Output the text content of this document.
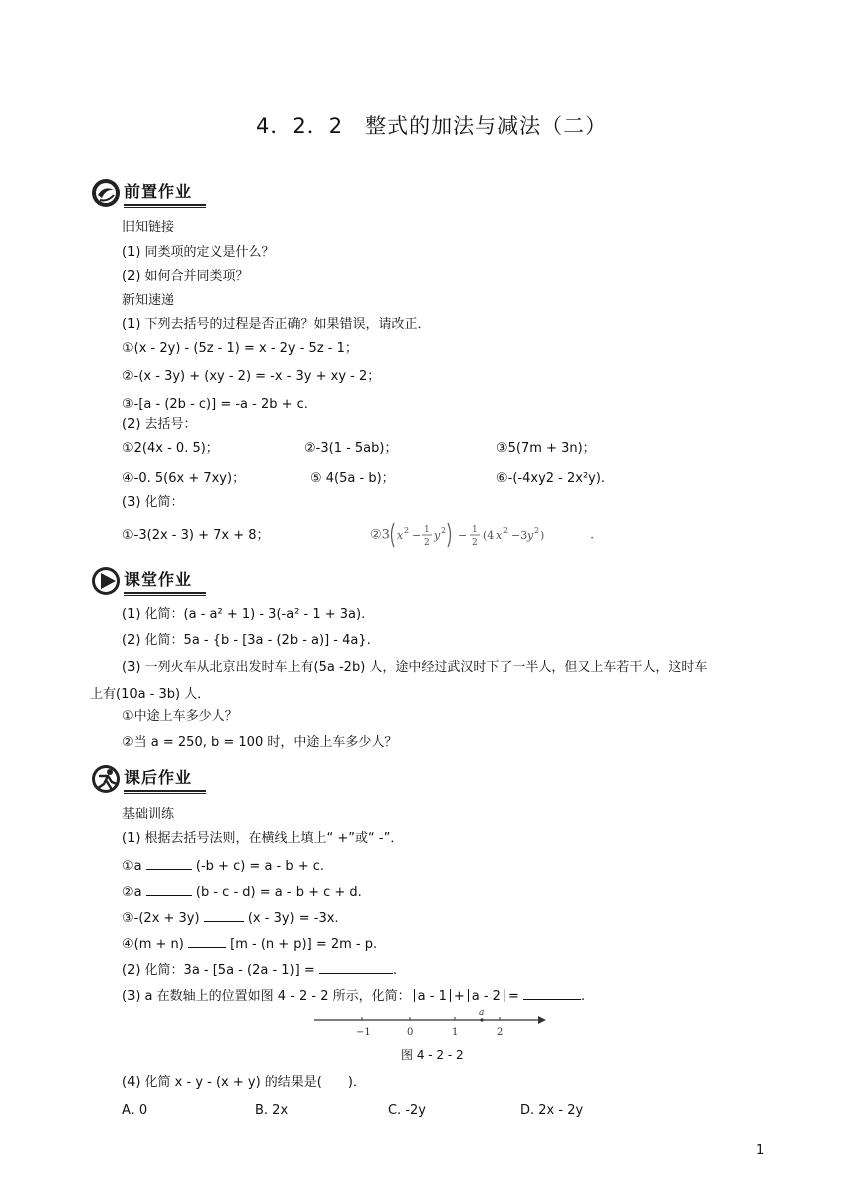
4．2．2　整式的加法与减法（二）
前置作业
旧知链接
(1) 同类项的定义是什么？
(2) 如何合并同类项？
新知速递
(1) 下列去括号的过程是否正确？如果错误，请改正．
①(x - 2y) - (5z - 1) = x - 2y - 5z - 1；
②-(x - 3y) + (xy - 2) = -x - 3y + xy - 2；
③-[a - (2b - c)] = -a - 2b + c.
(2) 去括号：
①2(4x - 0. 5)；	②-3(1 - 5ab)；	③5(7m + 3n)；
④-0. 5(6x + 7xy)；	⑤ 4(5a - b)；	⑥-(-4xy2 - 2x²y).
(3) 化简：
①-3(2x - 3) + 7x + 8；	②3 x 2 − 1
2
y 2 − 1
2
(4 x 2 −3 y 2 )	.
课堂作业
(1) 化简：(a - a² + 1) - 3(-a² - 1 + 3a).
(2) 化简：5a - {b - [3a - (2b - a)] - 4a}.
(3) 一列火车从北京出发时车上有(5a -2b) 人，途中经过武汉时下了一半人，但又上车若干人，这时车
上有(10a - 3b) 人．
①中途上车多少人？
②当 a = 250, b = 100 时，中途上车多少人？
课后作业
基础训练
(1) 根据去括号法则，在横线上填上“ +”或“ -”．
①a	(-b + c) = a - b + c.
②a	(b - c - d) = a - b + c + d.
③-(2x + 3y)	(x - 3y) = -3x.
④(m + n)	[m - (n + p)] = 2m - p.
(2) 化简：3a - [5a - (2a - 1)] =	.
(3) a 在数轴上的位置如图 4 - 2 - 2 所示，化简： a - 1 + a - 2 =	.
−1	0	1	2
a
图 4 - 2 - 2
(4) 化简 x - y - (x + y) 的结果是(　　)．
A. 0	B. 2x	C. -2y	D. 2x - 2y
1
